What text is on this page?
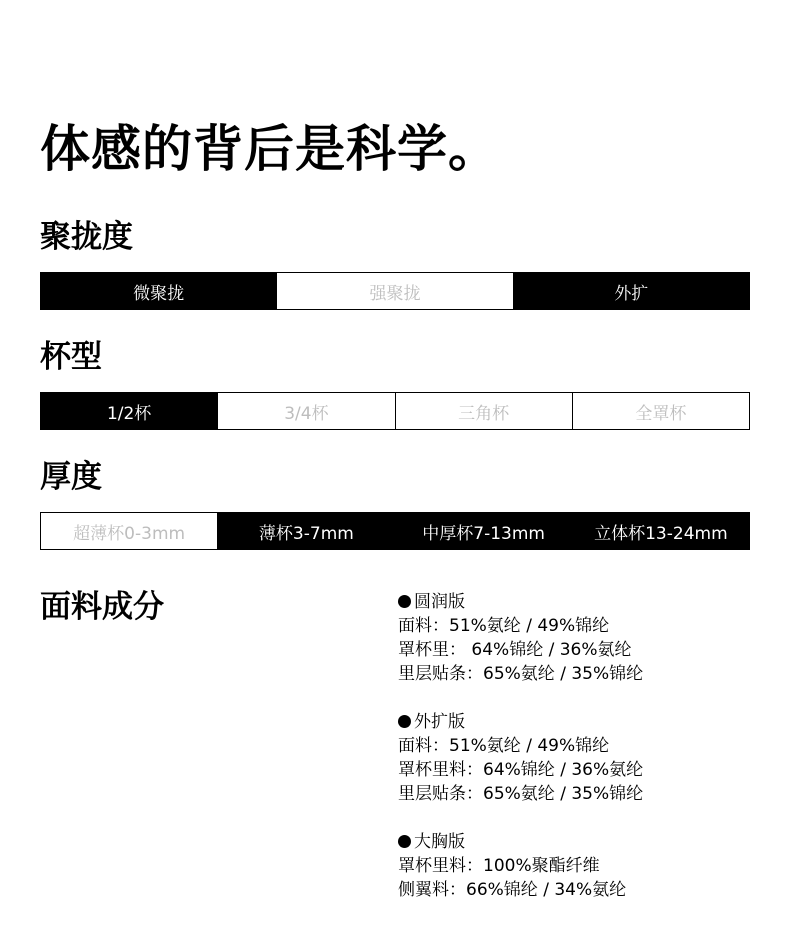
体感的背后是科学。
聚拢度
微聚拢	强聚拢	外扩
杯型
1/2杯	3/4杯	三角杯	全罩杯
厚度
超薄杯0-3mm	薄杯3-7mm	中厚杯7-13mm	立体杯13-24mm
面料成分	圆润版
面料：51%氨纶 / 49%锦纶
罩杯里： 64%锦纶 / 36%氨纶
里层贴条：65%氨纶 / 35%锦纶
外扩版
面料：51%氨纶 / 49%锦纶
罩杯里料：64%锦纶 / 36%氨纶
里层贴条：65%氨纶 / 35%锦纶
大胸版
罩杯里料：100%聚酯纤维
侧翼料：66%锦纶 / 34%氨纶
